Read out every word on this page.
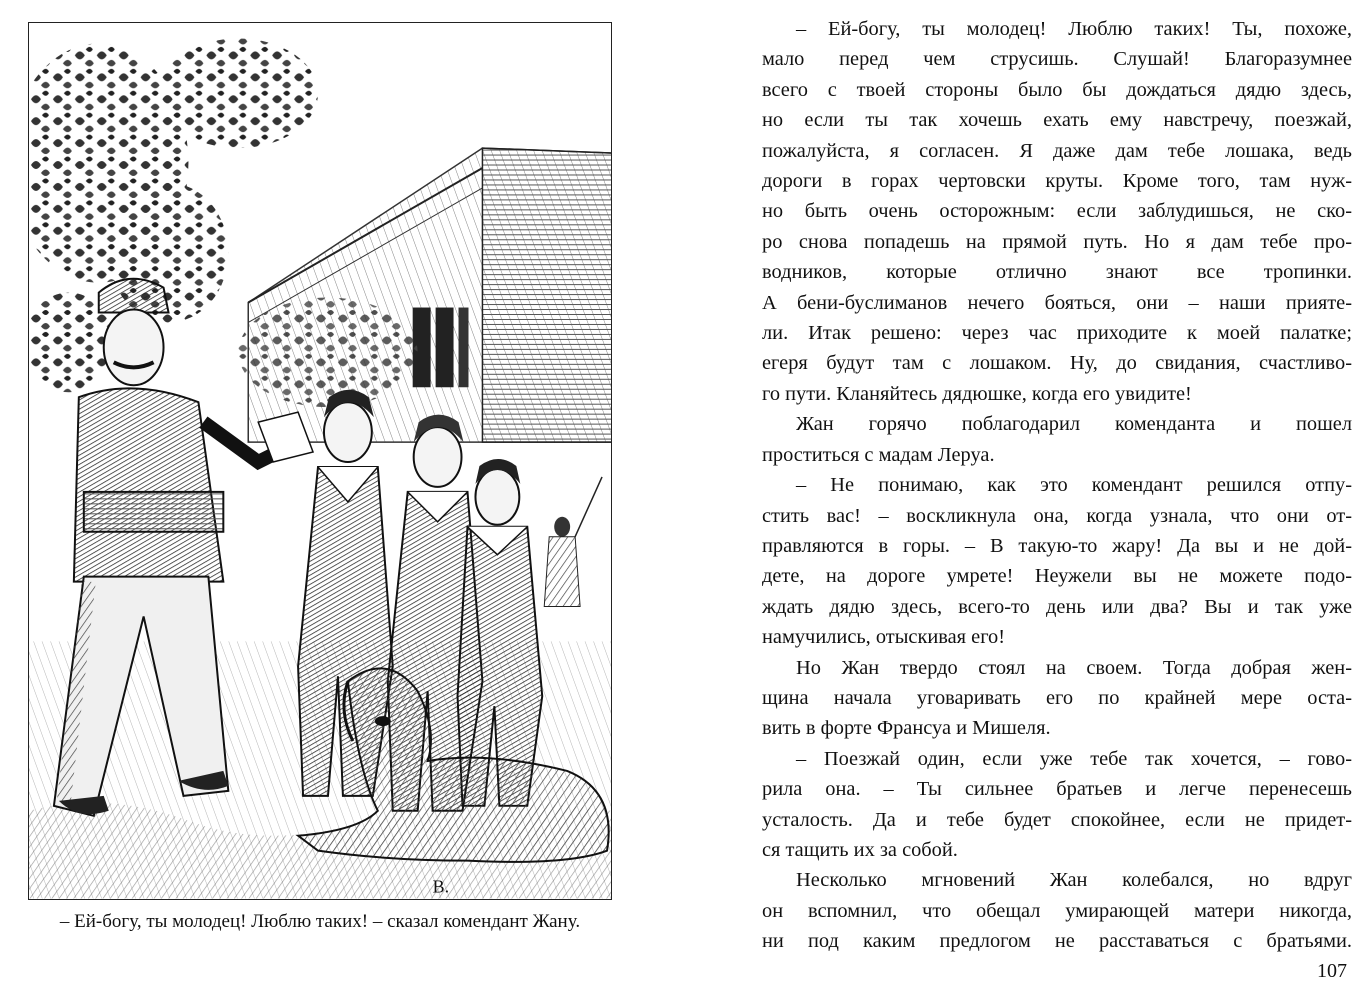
B.
– Ей-богу, ты молодец! Люблю таких! – сказал комендант Жану.

– Ей-богу, ты молодец! Люблю таких! Ты, похоже,
мало перед чем струсишь. Слушай! Благоразумнее
всего с твоей стороны было бы дождаться дядю здесь,
но если ты так хочешь ехать ему навстречу, поезжай,
пожалуйста, я согласен. Я даже дам тебе лошака, ведь
дороги в горах чертовски круты. Кроме того, там нуж-
но быть очень осторожным: если заблудишься, не ско-
ро снова попадешь на прямой путь. Но я дам тебе про-
водников, которые отлично знают все тропинки.
А бени-буслиманов нечего бояться, они – наши прияте-
ли. Итак решено: через час приходите к моей палатке;
егеря будут там с лошаком. Ну, до свидания, счастливо-
го пути. Кланяйтесь дядюшке, когда его увидите!

Жан горячо поблагодарил коменданта и пошел
проститься с мадам Леруа.

– Не понимаю, как это комендант решился отпу-
стить вас! – воскликнула она, когда узнала, что они от-
правляются в горы. – В такую-то жару! Да вы и не дой-
дете, на дороге умрете! Неужели вы не можете подо-
ждать дядю здесь, всего-то день или два? Вы и так уже
намучились, отыскивая его!

Но Жан твердо стоял на своем. Тогда добрая жен-
щина начала уговаривать его по крайней мере оста-
вить в форте Франсуа и Мишеля.

– Поезжай один, если уже тебе так хочется, – гово-
рила она. – Ты сильнее братьев и легче перенесешь
усталость. Да и тебе будет спокойнее, если не придет-
ся тащить их за собой.

Несколько мгновений Жан колебался, но вдруг
он вспомнил, что обещал умирающей матери никогда,
ни под каким предлогом не расставаться с братьями.

107
